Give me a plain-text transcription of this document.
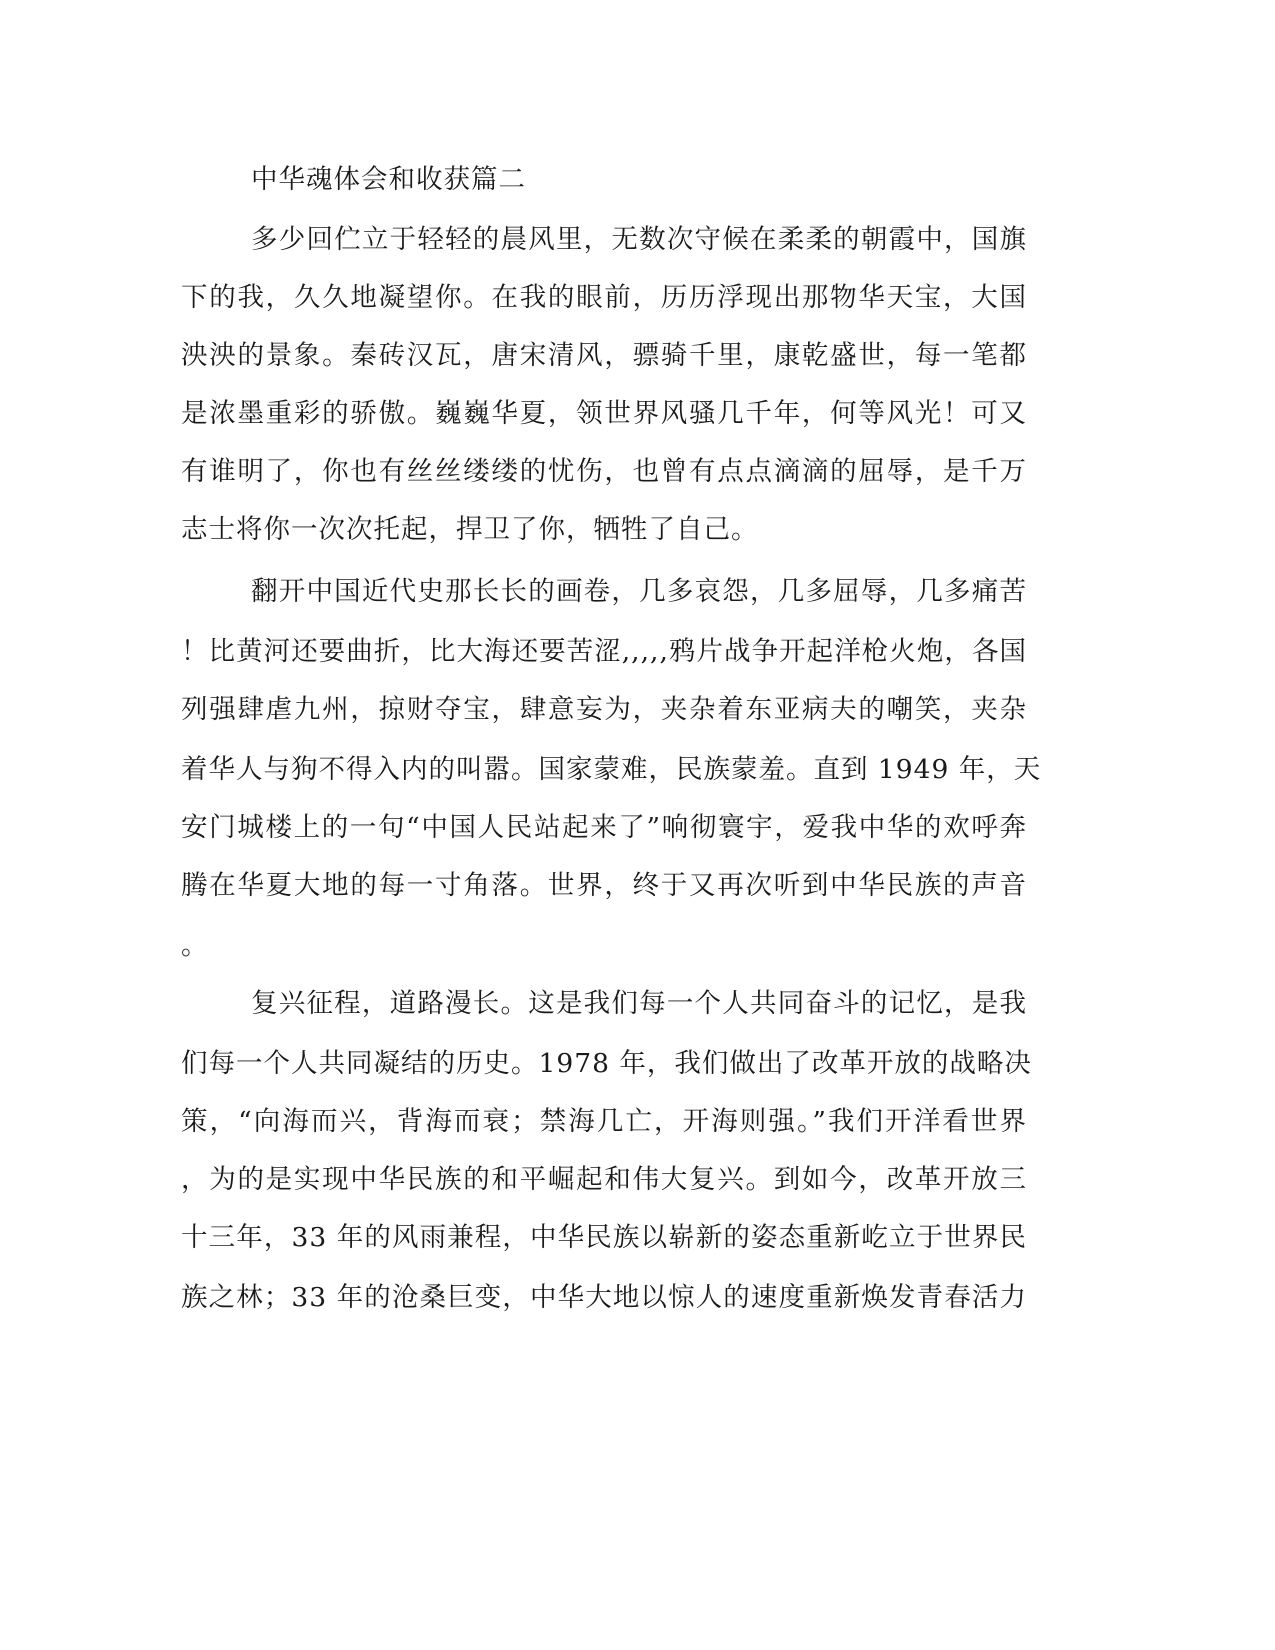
中华魂体会和收获篇二
多少回伫立于轻轻的晨风里，无数次守候在柔柔的朝霞中，国旗
下的我，久久地凝望你。在我的眼前，历历浮现出那物华天宝，大国
泱泱的景象。秦砖汉瓦，唐宋清风，骠骑千里，康乾盛世，每一笔都
是浓墨重彩的骄傲。巍巍华夏，领世界风骚几千年，何等风光！可又
有谁明了，你也有丝丝缕缕的忧伤，也曾有点点滴滴的屈辱，是千万
志士将你一次次托起，捍卫了你，牺牲了自己。
翻开中国近代史那长长的画卷，几多哀怨，几多屈辱，几多痛苦
！比黄河还要曲折，比大海还要苦涩,,,,,鸦片战争开起洋枪火炮，各国
列强肆虐九州，掠财夺宝，肆意妄为，夹杂着东亚病夫的嘲笑，夹杂
着华人与狗不得入内的叫嚣。国家蒙难，民族蒙羞。直到 1949 年，天
安门城楼上的一句“中国人民站起来了”响彻寰宇，爱我中华的欢呼奔
腾在华夏大地的每一寸角落。世界，终于又再次听到中华民族的声音
。
复兴征程，道路漫长。这是我们每一个人共同奋斗的记忆，是我
们每一个人共同凝结的历史。1978 年，我们做出了改革开放的战略决
策，“向海而兴，背海而衰；禁海几亡，开海则强。”我们开洋看世界
，为的是实现中华民族的和平崛起和伟大复兴。到如今，改革开放三
十三年，33 年的风雨兼程，中华民族以崭新的姿态重新屹立于世界民
族之林；33 年的沧桑巨变，中华大地以惊人的速度重新焕发青春活力
